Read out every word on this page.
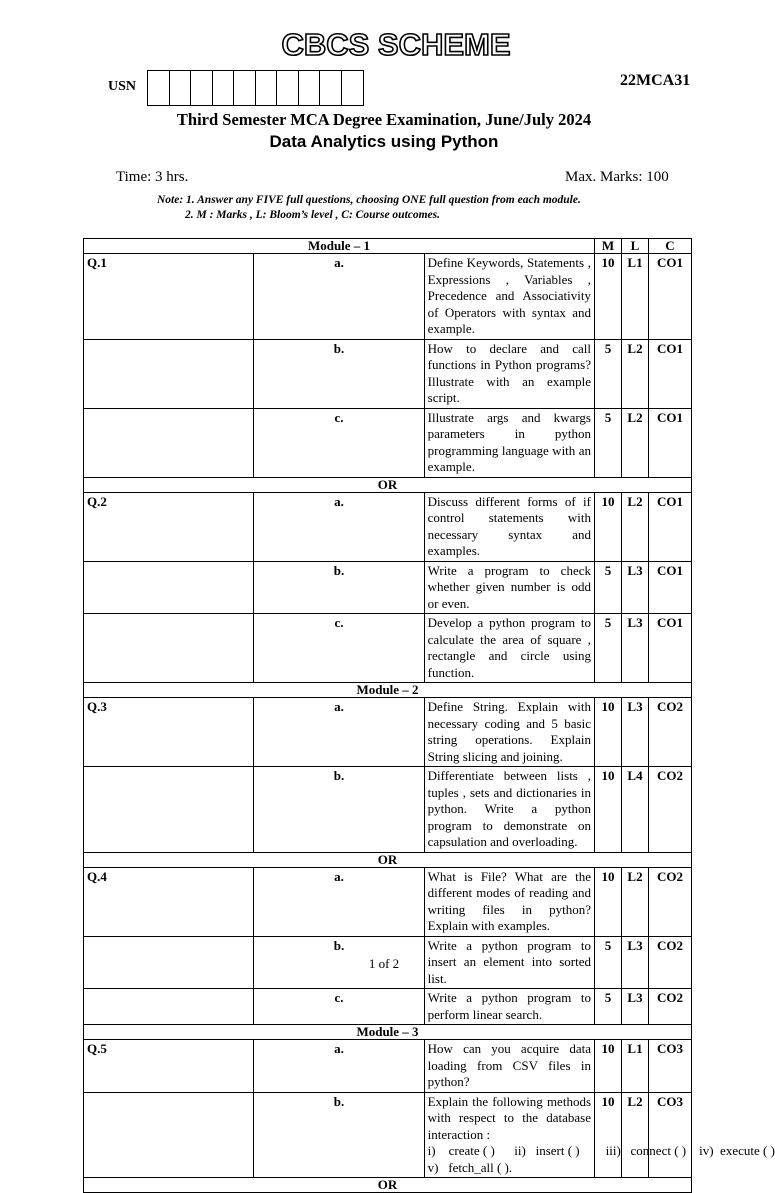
CBCS SCHEME
USN	22MCA31
Third Semester MCA Degree Examination, June/July 2024
Data Analytics using Python
Time: 3 hrs.	Max. Marks: 100
Note: 1. Answer any FIVE full questions, choosing ONE full question from each module.
2. M : Marks , L: Bloom’s level , C: Course outcomes.
Module – 1			M	L	C
Q.1	a.	Define Keywords, Statements , Expressions , Variables , Precedence and Associativity of Operators with syntax and example.	10	L1	CO1
	b.	How to declare and call functions in Python programs? Illustrate with an example script.	5	L2	CO1
	c.	Illustrate args and kwargs parameters in python programming language with an example.	5	L2	CO1
OR					
Q.2	a.	Discuss different forms of if control statements with necessary syntax and examples.	10	L2	CO1
	b.	Write a program to check whether given number is odd or even.	5	L3	CO1
	c.	Develop a python program to calculate the area of square , rectangle and circle using function.	5	L3	CO1
Module – 2					
Q.3	a.	Define String. Explain with necessary coding and 5 basic string operations. Explain String slicing and joining.	10	L3	CO2
	b.	Differentiate between lists , tuples , sets and dictionaries in python. Write a python program to demonstrate on capsulation and overloading.	10	L4	CO2
OR					
Q.4	a.	What is File? What are the different modes of reading and writing files in python? Explain with examples.	10	L2	CO2
	b.	Write a python program to insert an element into sorted list.	5	L3	CO2
	c.	Write a python program to perform linear search.	5	L3	CO2
Module – 3					
Q.5	a.	How can you acquire data loading from CSV files in python?	10	L1	CO3
	b.	Explain the following methods with respect to the database interaction :
i)    create ( )      ii)   insert ( )        iii)   connect ( )    iv)  execute ( )
v)   fetch_all ( ).	10	L2	CO3
OR					
1 of 2
